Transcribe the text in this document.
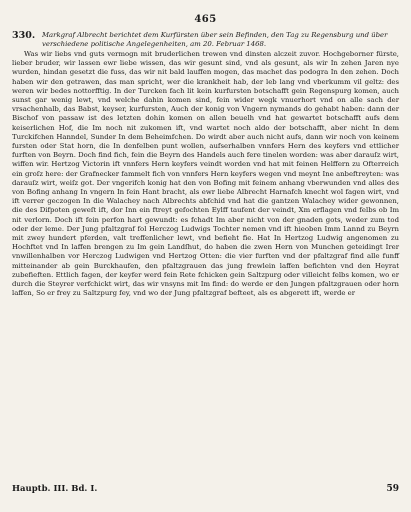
465
330. Markgraf Albrecht berichtet dem Kurfürsten über sein Befinden, den Tag zu Regensburg und über verschiedene politische Angelegenheiten, am 20. Februar 1468.

Was wir liebs vnd guts vermogn mit bruderlichen trewen vnd dinsten alczeit zuvor. Hochgeborner fürste, lieber bruder, wir lassen ewr liebe wissen, das wir gesunt sind, vnd als gesunt, als wir In zehen Jaren nye wurden, hindan gesetzt die fuss, das wir nit bald lauffen mogen, das machet das podogra In den zehen. Doch haben wir den getrawen, das man spricht, wer die krankheit hab, der leb lang vnd vberkumm vil geltz: des weren wir bedes nottorfftig. In der Turcken fach lit kein kurfursten botschafft gein Regenspurg komen, auch sunst gar wenig lewt, vnd welche dahin komen sind, fein wider wegk vnuerhort vnd on alle sach der vrsachenhalb, das Babst, keyser, kurfursten, Auch der konig von Vngern nymands do gehabt haben: dann der Bischof von passaw ist des letzten dohin komen on allen beuelh vnd hat gewartet botschafft aufs dem keiserlichen Hof, die Im noch nit zukomen ift, vnd wartet noch aldo der botschafft, aber nicht In dem Turckifchen Hanndel, Sunder In dem Beheimfchen. Do wirdt aber auch nicht aufs, dann wir noch von keinem fursten oder Stat horn, die In denfelben punt wollen, aufserhalben vnnfers Hern des keyfers vnd ettlicher furften von Beyrn. Doch find fich, fein die Beyrn des Handels auch fere tinelen worden: was aber darauſz wirt, wiffen wir. Hertzog Victorin ift vnnfers Hern keyfers veindt worden vnd hat mit feinen Helffern zu Ofterreich ein groſz here: der Grafnecker fammelt fich von vnnfers Hern keyfers wegen vnd meynt Ine anbeftreyten: was darauſz wirt, weiſz got. Der vngerifch konig hat den von Bofing mit feinem anhang vberwunden vnd alles des von Bofing anhang In vngern In fein Hant bracht, als ewr liebe Albrecht Harnafch knecht wol fagen wirt, vnd ift verrer geczogen In die Walachey nach Albrechts abfchid vnd hat die gantzen Walachey wider gewonnen, die des Difpoten geweſt ift, dor Inn ein ftreyt gefochten Eylff taufent der veindt, Xm erflagen vnd felbs ob Im nit verlorn. Doch ift fein perfon hart gewundt: es fchadt Im aber nicht von der gnaden gots, weder zum tod oder der leme. Der Jung pfaltzgraf fol Herczog Ludwigs Tochter nemen vnd ift hieoben Imm Lannd zu Beyrn mit zwey hundert pferden, valt treffenlicher lewt, vnd befieht fie. Hat In Hertzog Ludwig angenomen zu Hochftet vnd In laffen brengen zu Im gein Landſhut, do haben die zwen Hern von Munchen geteidingt Irer vnwillenhalben vor Herczog Ludwigen vnd Hertzog Otten: die vier furften vnd der pfaltzgraf find alle funff mitteinander ab gein Burckhaufen, den pfaltzgrauen das jung frewlein laffen befichten vnd den Heyrat zubefieften. Ettlich fagen, der keyfer werd fein Rete fchicken gein Saltzpurg oder villeicht felbs komen, wo er durch die Steyrer verfchickt wirt, das wir vnsyns mit Im find: do werde er den Jungen pfaltzgrauen oder horn laffen, So er frey zu Saltzpurg fey, vnd wo der Jung pfaltzgraf befteet, als es abgerett ift, werde er

Hauptb. III. Bd. I.	59
